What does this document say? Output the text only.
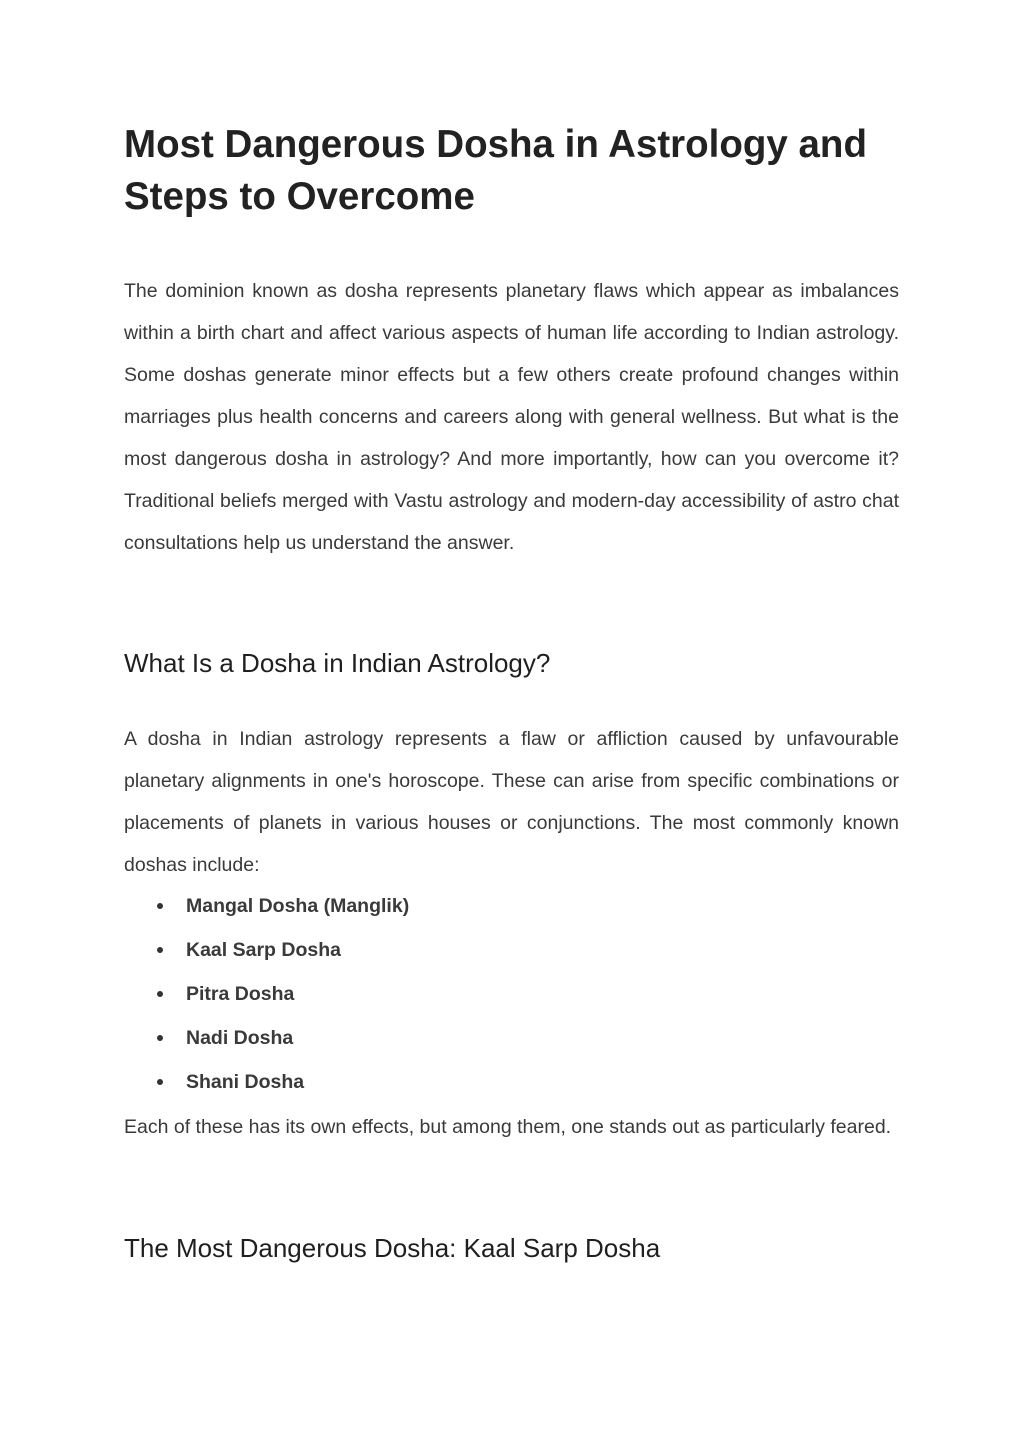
Most Dangerous Dosha in Astrology and Steps to Overcome

The dominion known as dosha represents planetary flaws which appear as imbalances within a birth chart and affect various aspects of human life according to Indian astrology. Some doshas generate minor effects but a few others create profound changes within marriages plus health concerns and careers along with general wellness. But what is the most dangerous dosha in astrology? And more importantly, how can you overcome it? Traditional beliefs merged with Vastu astrology and modern-day accessibility of astro chat consultations help us understand the answer.

What Is a Dosha in Indian Astrology?

A dosha in Indian astrology represents a flaw or affliction caused by unfavourable planetary alignments in one's horoscope. These can arise from specific combinations or placements of planets in various houses or conjunctions. The most commonly known doshas include:

Mangal Dosha (Manglik)
Kaal Sarp Dosha
Pitra Dosha
Nadi Dosha
Shani Dosha

Each of these has its own effects, but among them, one stands out as particularly feared.

The Most Dangerous Dosha: Kaal Sarp Dosha
